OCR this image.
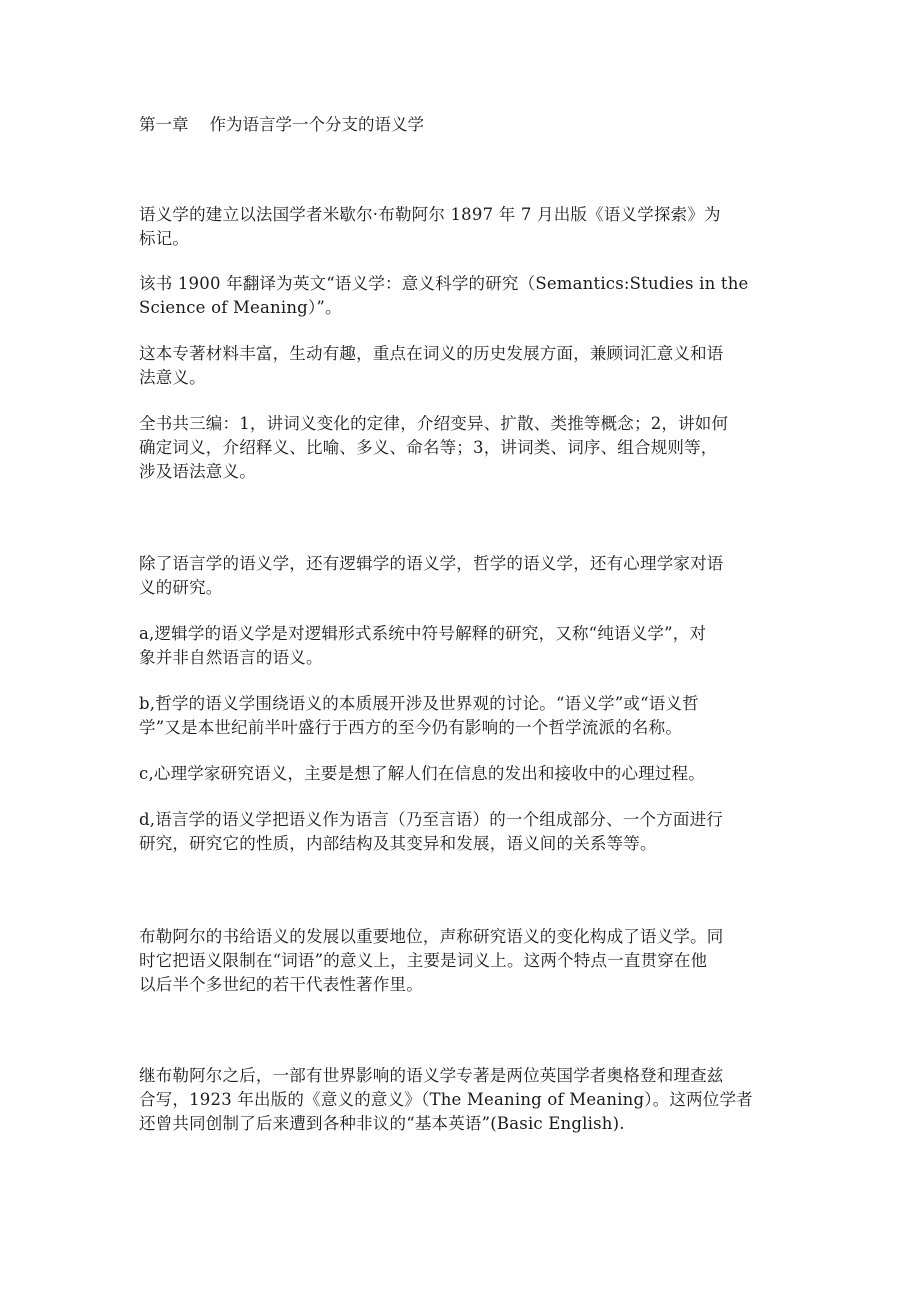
第一章    作为语言学一个分支的语义学
语义学的建立以法国学者米歇尔·布勒阿尔 1897 年 7 月出版《语义学探索》为
标记。
该书 1900 年翻译为英文“语义学：意义科学的研究（Semantics:Studies in the
Science of Meaning）”。
这本专著材料丰富，生动有趣，重点在词义的历史发展方面，兼顾词汇意义和语
法意义。
全书共三编：1，讲词义变化的定律，介绍变异、扩散、类推等概念；2，讲如何
确定词义，介绍释义、比喻、多义、命名等；3，讲词类、词序、组合规则等，
涉及语法意义。
除了语言学的语义学，还有逻辑学的语义学，哲学的语义学，还有心理学家对语
义的研究。
a,逻辑学的语义学是对逻辑形式系统中符号解释的研究，又称“纯语义学”，对
象并非自然语言的语义。
b,哲学的语义学围绕语义的本质展开涉及世界观的讨论。“语义学”或“语义哲
学”又是本世纪前半叶盛行于西方的至今仍有影响的一个哲学流派的名称。
c,心理学家研究语义，主要是想了解人们在信息的发出和接收中的心理过程。
d,语言学的语义学把语义作为语言（乃至言语）的一个组成部分、一个方面进行
研究，研究它的性质，内部结构及其变异和发展，语义间的关系等等。
布勒阿尔的书给语义的发展以重要地位，声称研究语义的变化构成了语义学。同
时它把语义限制在“词语”的意义上，主要是词义上。这两个特点一直贯穿在他
以后半个多世纪的若干代表性著作里。
继布勒阿尔之后，一部有世界影响的语义学专著是两位英国学者奥格登和理查兹
合写，1923 年出版的《意义的意义》（The Meaning of Meaning）。这两位学者
还曾共同创制了后来遭到各种非议的“基本英语”(Basic English).
